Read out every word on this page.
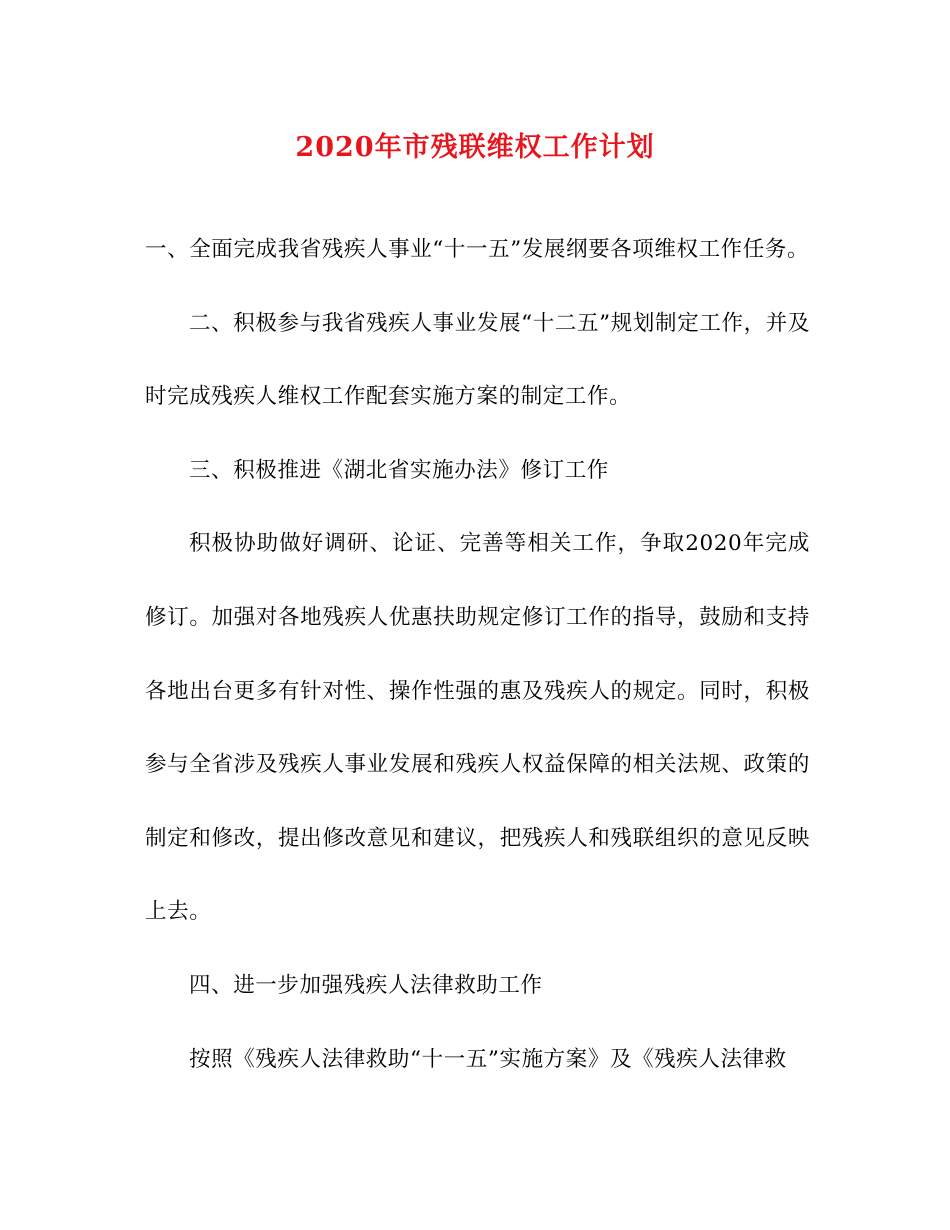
2020年市残联维权工作计划

一、全面完成我省残疾人事业“十一五”发展纲要各项维权工作任务。

二、积极参与我省残疾人事业发展“十二五”规划制定工作，并及时完成残疾人维权工作配套实施方案的制定工作。

三、积极推进《湖北省实施办法》修订工作

积极协助做好调研、论证、完善等相关工作，争取2020年完成修订。加强对各地残疾人优惠扶助规定修订工作的指导，鼓励和支持各地出台更多有针对性、操作性强的惠及残疾人的规定。同时，积极参与全省涉及残疾人事业发展和残疾人权益保障的相关法规、政策的制定和修改，提出修改意见和建议，把残疾人和残联组织的意见反映上去。

四、进一步加强残疾人法律救助工作

按照《残疾人法律救助“十一五”实施方案》及《残疾人法律救
